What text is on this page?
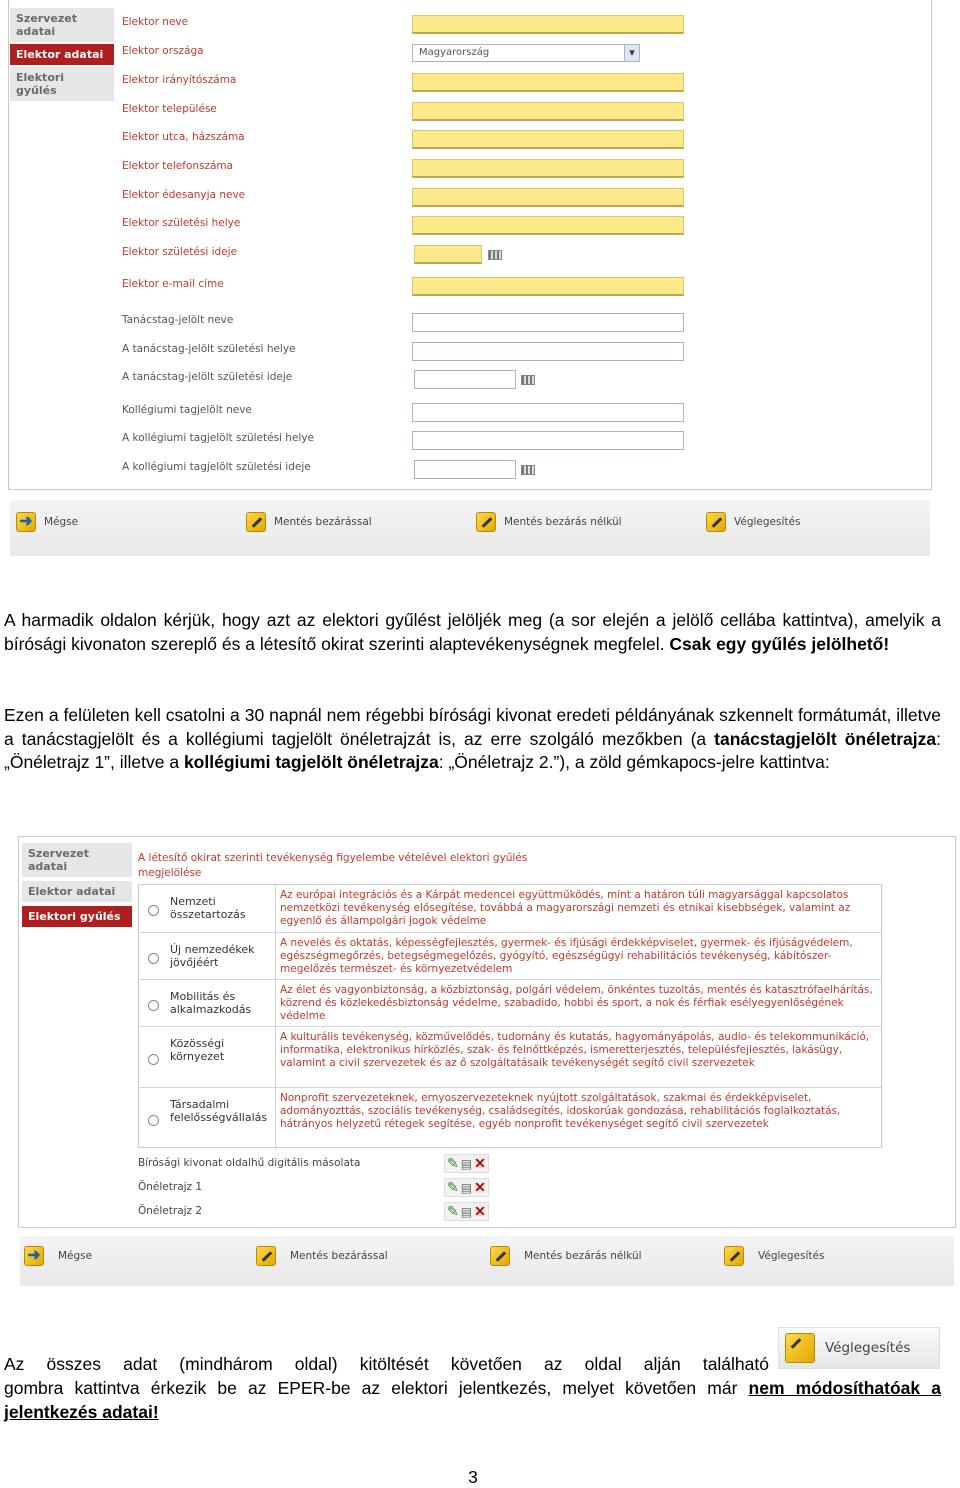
Szervezet adatai
Elektor adatai
Elektori gyűlés
Elektor neve
Elektor országa	Magyarország	▾
Elektor irányítószáma
Elektor települése
Elektor utca, házszáma
Elektor telefonszáma
Elektor édesanyja neve
Elektor születési helye
Elektor születési ideje
Elektor e-mail címe
Tanácstag-jelölt neve
A tanácstag-jelölt születési helye
A tanácstag-jelölt születési ideje
Kollégiumi tagjelölt neve
A kollégiumi tagjelölt születési helye
A kollégiumi tagjelölt születési ideje
➜	Mégse	Mentés bezárással	Mentés bezárás nélkül	Véglegesítés
A harmadik oldalon kérjük, hogy azt az elektori gyűlést jelöljék meg (a sor elején a jelölő cellába kattintva), amelyik a bírósági kivonaton szereplő és a létesítő okirat szerinti alaptevékenységnek megfelel. Csak egy gyűlés jelölhető!
Ezen a felületen kell csatolni a 30 napnál nem régebbi bírósági kivonat eredeti példányának szkennelt formátumát, illetve a tanácstagjelölt és a kollégiumi tagjelölt önéletrajzát is, az erre szolgáló mezőkben (a tanácstagjelölt önéletrajza: „Önéletrajz 1”, illetve a kollégiumi tagjelölt önéletrajza: „Önéletrajz 2.”), a zöld gémkapocs-jelre kattintva:
Szervezet adatai
Elektor adatai
Elektori gyűlés
A létesítő okirat szerinti tevékenység figyelembe vételével elektori gyűlés megjelölése
Nemzeti összetartozás
Az európai integrációs és a Kárpát medencei együttműködés, mint a határon túli magyarsággal kapcsolatos nemzetközi tevékenység elősegítése, továbbá a magyarországi nemzeti és etnikai kisebbségek, valamint az egyenlő és állampolgári jogok védelme
Új nemzedékek jövőjéért
A nevelés és oktatás, képességfejlesztés, gyermek- és ifjúsági érdekképviselet, gyermek- és ifjúságvédelem, egészségmegőrzés, betegségmegelőzés, gyógyító, egészségügyi rehabilitációs tevékenység, kábítószer-megelőzés természet- és környezetvédelem
Mobilitás és alkalmazkodás
Az élet és vagyonbiztonság, a közbiztonság, polgári védelem, önkéntes tuzoltás, mentés és katasztrófaelhárítás, közrend és közlekedésbiztonság védelme, szabadido, hobbi és sport, a nok és férfiak esélyegyenlőségének védelme
Közösségi környezet
A kulturális tevékenység, közművelődés, tudomány és kutatás, hagyományápolás, audio- és telekommunikáció, informatika, elektronikus hírközlés, szak- és felnőttképzés, ismeretterjesztés, településfejlesztés, lakásügy, valamint a civil szervezetek és az ő szolgáltatásaik tevékenységét segítő civil szervezetek
Társadalmi felelősségvállalás
Nonprofit szervezeteknek, ernyoszervezeteknek nyújtott szolgáltatások, szakmai és érdekképviselet, adományozttás, szociális tevékenység, családsegítés, idoskorúak gondozása, rehabilitációs foglalkoztatás, hátrányos helyzetű rétegek segítése, egyéb nonprofit tevékenységet segítő civil szervezetek
Bírósági kivonat oldalhű digitális másolata	✎ ▤ ✕
Önéletrajz 1	✎ ▤ ✕
Önéletrajz 2	✎ ▤ ✕
➜	Mégse	Mentés bezárással	Mentés bezárás nélkül	Véglegesítés
Az összes adat (mindhárom oldal) kitöltését követően az oldal alján található
Véglegesítés
gombra kattintva érkezik be az EPER-be az elektori jelentkezés, melyet követően már nem módosíthatóak a jelentkezés adatai!
3
